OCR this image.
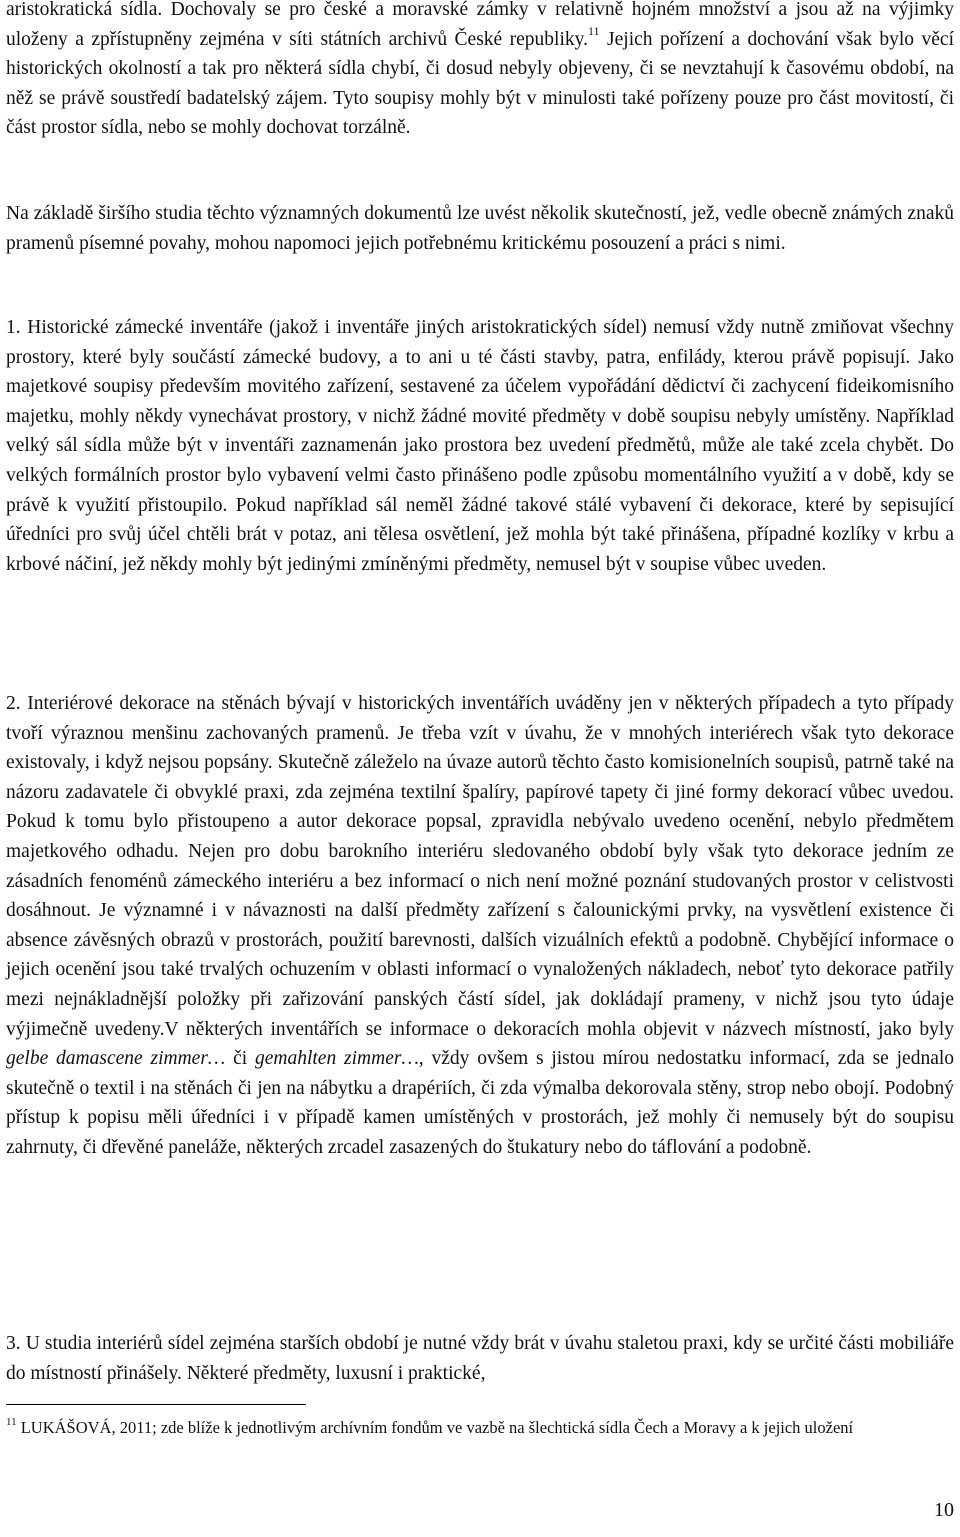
aristokratická sídla. Dochovaly se pro české a moravské zámky v relativně hojném množství a jsou až na výjimky uloženy a zpřístupněny zejména v síti státních archivů České republiky.$^{11}$ Jejich pořízení a dochování však bylo věcí historických okolností a tak pro některá sídla chybí, či dosud nebyly objeveny, či se nevztahují k časovému období, na něž se právě soustředí badatelský zájem. Tyto soupisy mohly být v minulosti také pořízeny pouze pro část movitostí, či část prostor sídla, nebo se mohly dochovat torzálně.

Na základě širšího studia těchto významných dokumentů lze uvést několik skutečností, jež, vedle obecně známých znaků pramenů písemné povahy, mohou napomoci jejich potřebnému kritickému posouzení a práci s nimi.

1. Historické zámecké inventáře (jakož i inventáře jiných aristokratických sídel) nemusí vždy nutně zmiňovat všechny prostory, které byly součástí zámecké budovy, a to ani u té části stavby, patra, enfilády, kterou právě popisují. Jako majetkové soupisy především movitého zařízení, sestavené za účelem vypořádání dědictví či zachycení fideikomisního majetku, mohly někdy vynechávat prostory, v nichž žádné movité předměty v době soupisu nebyly umístěny. Například velký sál sídla může být v inventáři zaznamenán jako prostora bez uvedení předmětů, může ale také zcela chybět. Do velkých formálních prostor bylo vybavení velmi často přinášeno podle způsobu momentálního využití a v době, kdy se právě k využití přistoupilo. Pokud například sál neměl žádné takové stálé vybavení či dekorace, které by sepisující úředníci pro svůj účel chtěli brát v potaz, ani tělesa osvětlení, jež mohla být také přinášena, případné kozlíky v krbu a krbové náčiní, jež někdy mohly být jedinými zmíněnými předměty, nemusel být v soupise vůbec uveden.

2. Interiérové dekorace na stěnách bývají v historických inventářích uváděny jen v některých případech a tyto případy tvoří výraznou menšinu zachovaných pramenů. Je třeba vzít v úvahu, že v mnohých interiérech však tyto dekorace existovaly, i když nejsou popsány. Skutečně záleželo na úvaze autorů těchto často komisionelních soupisů, patrně také na názoru zadavatele či obvyklé praxi, zda zejména textilní špalíry, papírové tapety či jiné formy dekorací vůbec uvedou. Pokud k tomu bylo přistoupeno a autor dekorace popsal, zpravidla nebývalo uvedeno ocenění, nebylo předmětem majetkového odhadu. Nejen pro dobu barokního interiéru sledovaného období byly však tyto dekorace jedním ze zásadních fenoménů zámeckého interiéru a bez informací o nich není možné poznání studovaných prostor v celistvosti dosáhnout. Je významné i v návaznosti na další předměty zařízení s čalounickými prvky, na vysvětlení existence či absence závěsných obrazů v prostorách, použití barevnosti, dalších vizuálních efektů a podobně. Chybějící informace o jejich ocenění jsou také trvalých ochuzením v oblasti informací o vynaložených nákladech, neboť tyto dekorace patřily mezi nejnákladnější položky při zařizování panských částí sídel, jak dokládají prameny, v nichž jsou tyto údaje výjimečně uvedeny.V některých inventářích se informace o dekoracích mohla objevit v názvech místností, jako byly gelbe damascene zimmer… či gemahlten zimmer…, vždy ovšem s jistou mírou nedostatku informací, zda se jednalo skutečně o textil i na stěnách či jen na nábytku a drapériích, či zda výmalba dekorovala stěny, strop nebo obojí. Podobný přístup k popisu měli úředníci i v případě kamen umístěných v prostorách, jež mohly či nemusely být do soupisu zahrnuty, či dřevěné paneláže, některých zrcadel zasazených do štukatury nebo do táflování a podobně.

3. U studia interiérů sídel zejména starších období je nutné vždy brát v úvahu staletou praxi, kdy se určité části mobiliáře do místností přinášely. Některé předměty, luxusní i praktické,

$^{11}$ LUKÁŠOVÁ, 2011; zde blíže k jednotlivým archívním fondům ve vazbě na šlechtická sídla Čech a Moravy a k jejich uložení

10
